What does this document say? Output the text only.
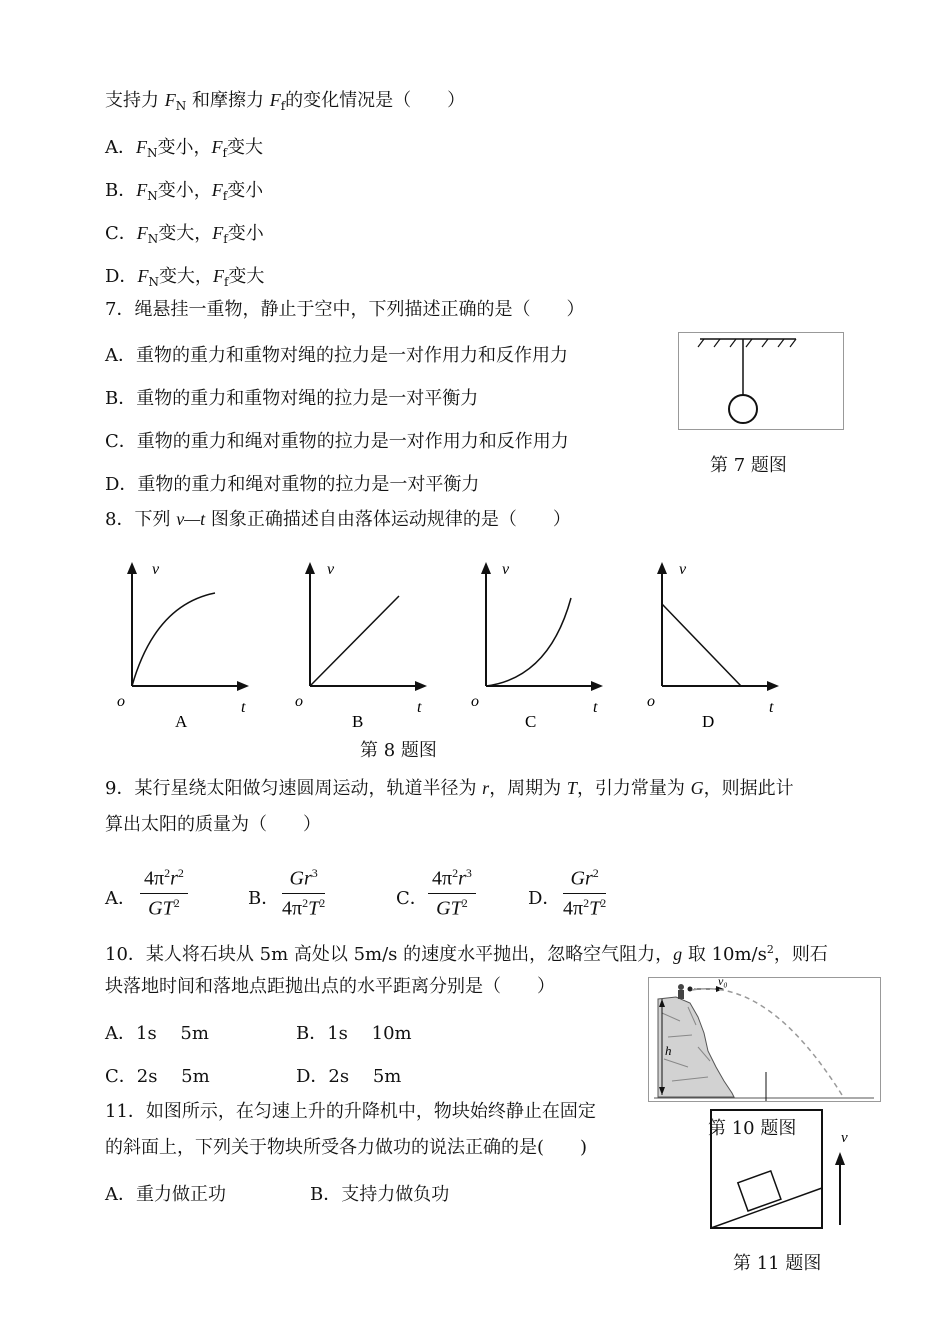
支持力 $F_N$ 和摩擦力 $F_f$的变化情况是（　　）
A．$F_N$变小，$F_f$变大
B．$F_N$变小，$F_f$变小
C．$F_N$变大，$F_f$变小
D．$F_N$变大，$F_f$变大
7．绳悬挂一重物，静止于空中，下列描述正确的是（　　）
A．重物的重力和重物对绳的拉力是一对作用力和反作用力
B．重物的重力和重物对绳的拉力是一对平衡力
C．重物的重力和绳对重物的拉力是一对作用力和反作用力
D．重物的重力和绳对重物的拉力是一对平衡力
第 7 题图
8．下列 v—t 图象正确描述自由落体运动规律的是（　　）
v
o	t
A
v
o	t
B
v
o	t
C
v
o	t
D
第 8 题图
9．某行星绕太阳做匀速圆周运动，轨道半径为 r，周期为 T，引力常量为 G，则据此计
算出太阳的质量为（　　）
A． $\frac{4\pi^2r^2}{GT^2}$	B． $\frac{Gr^3}{4\pi^2T^2}$	C． $\frac{4\pi^2r^3}{GT^2}$	D． $\frac{Gr^2}{4\pi^2T^2}$
10．某人将石块从 5m 高处以 5m/s 的速度水平抛出，忽略空气阻力，g 取 $10m/s^2$，则石
块落地时间和落地点距抛出点的水平距离分别是（　　）
A．1s　 5m	B．1s　 10m
C．2s　 5m	D．2s　 5m
h
v₀
第 10 题图
11．如图所示，在匀速上升的升降机中，物块始终静止在固定
的斜面上，下列关于物块所受各力做功的说法正确的是(　　)
A．重力做正功	B．支持力做负功
v
第 11 题图
